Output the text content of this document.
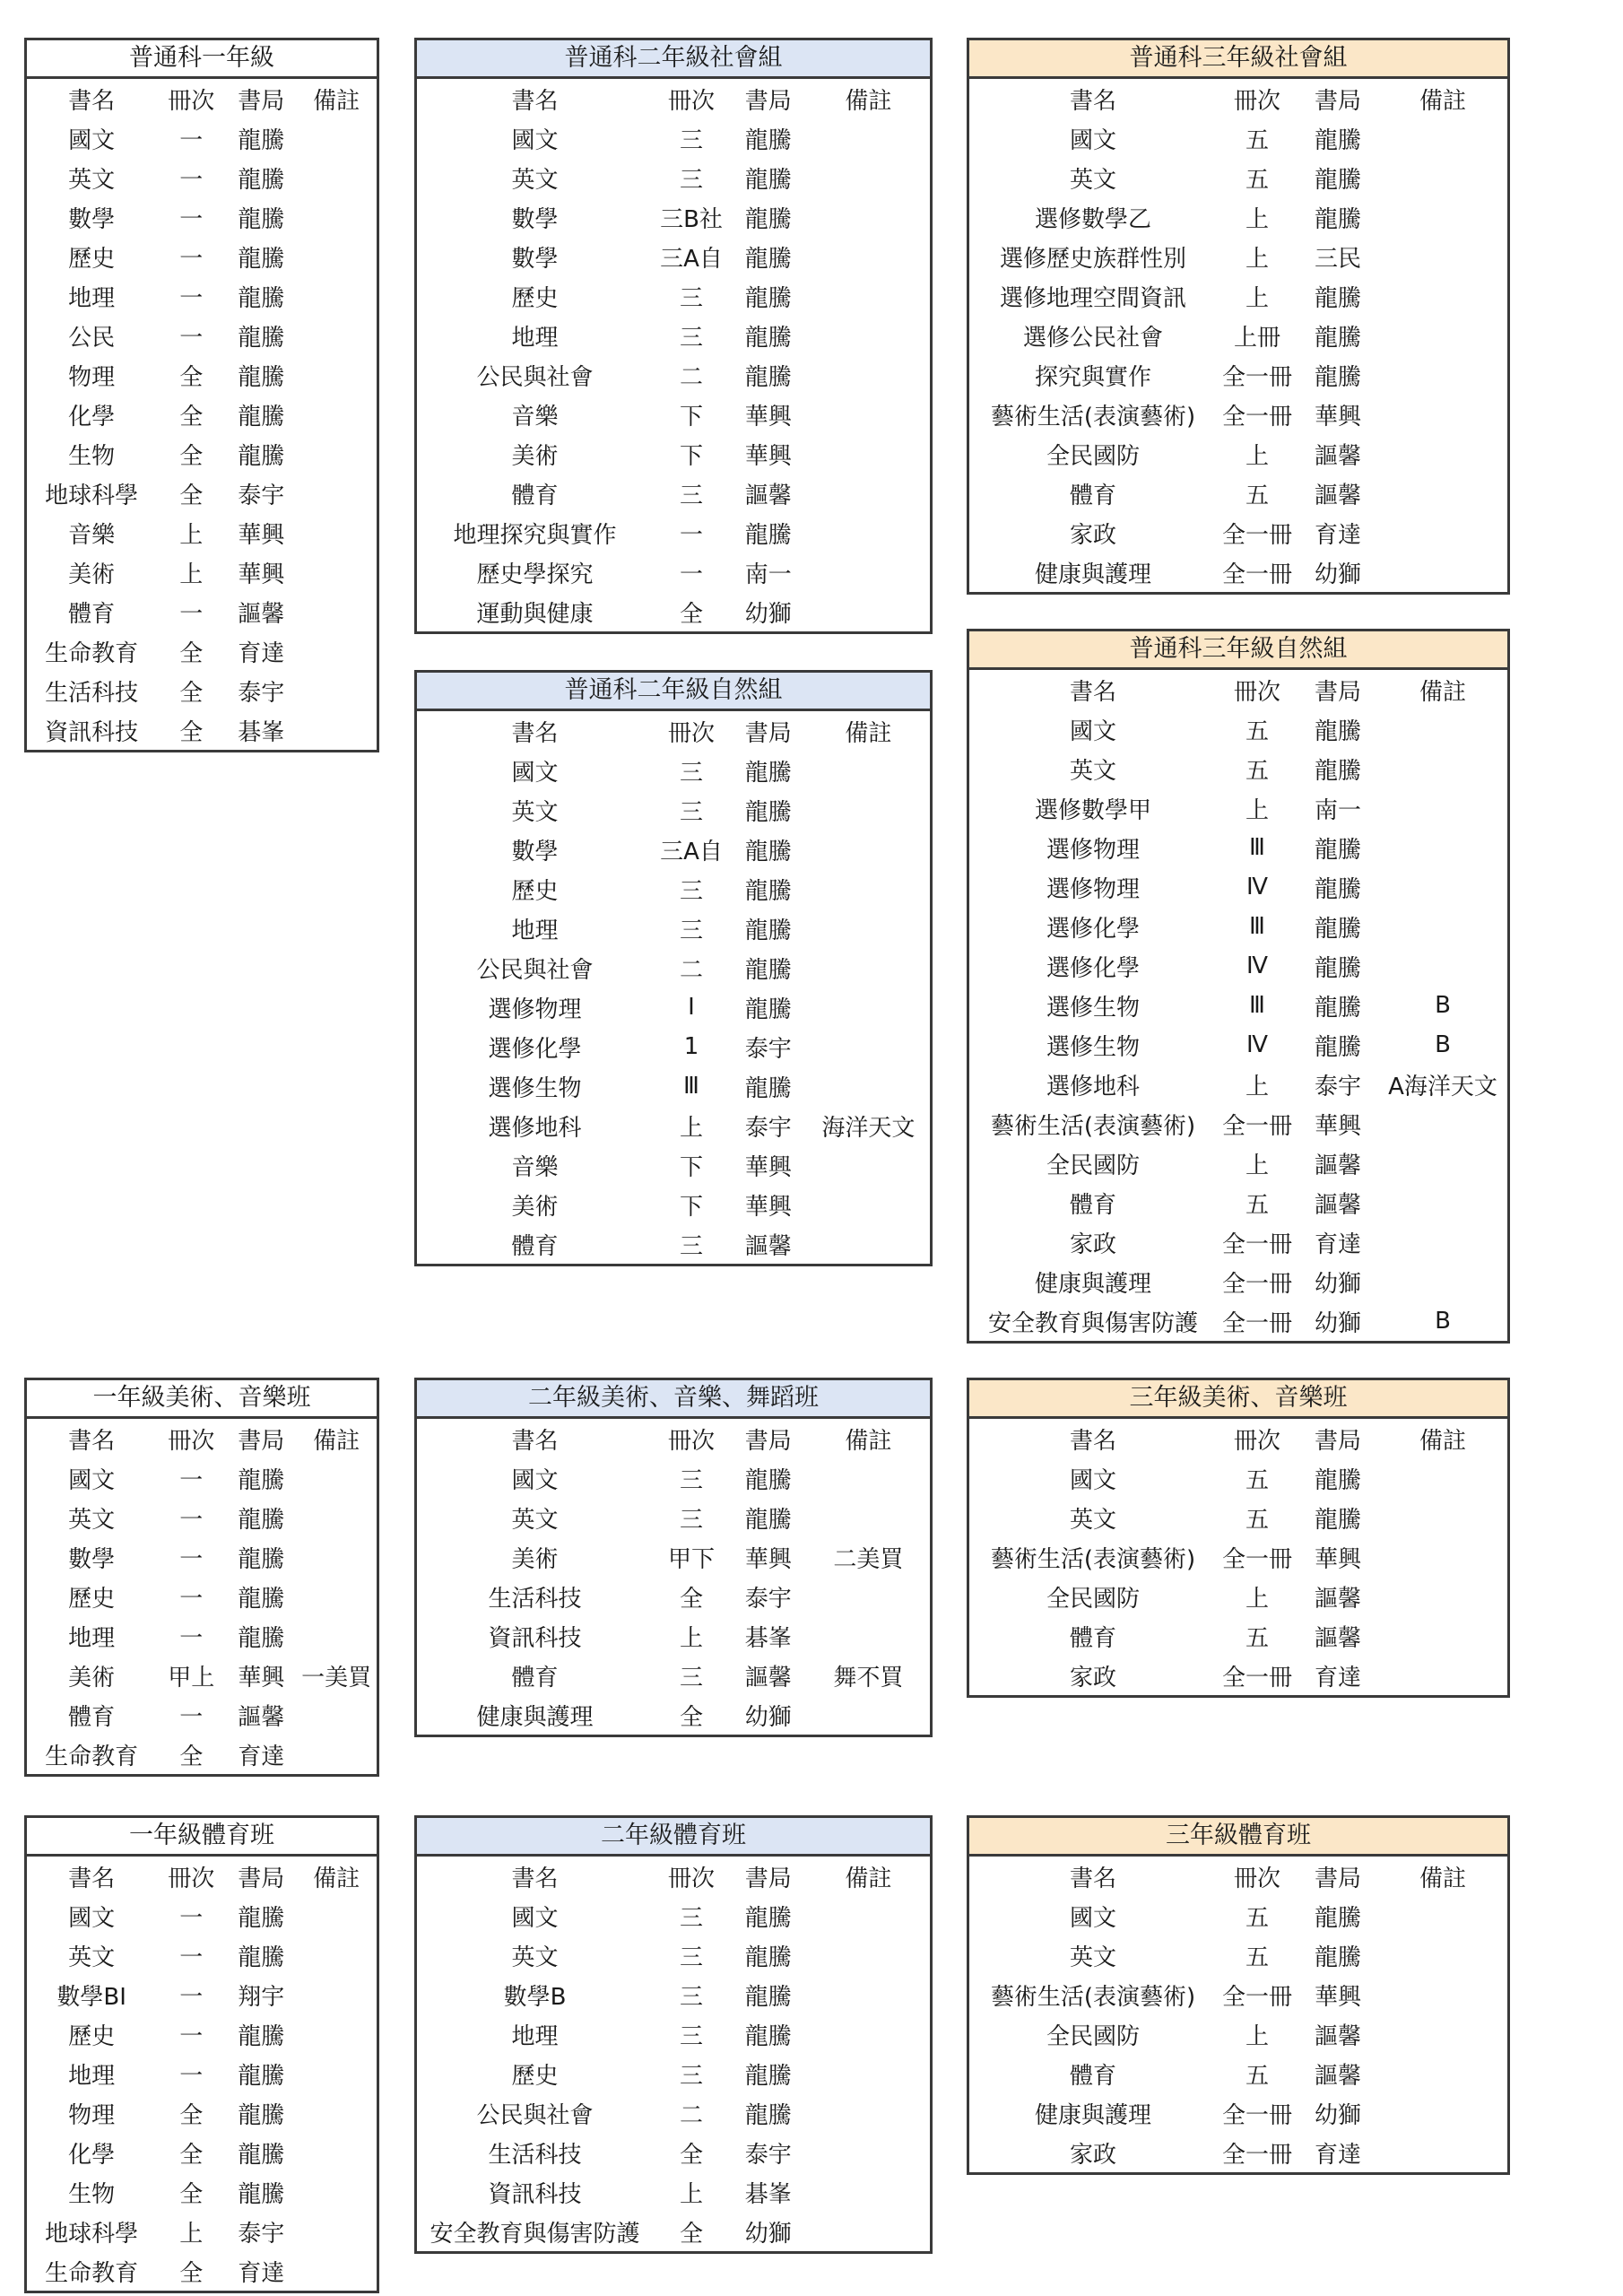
普通科一年級
書名	冊次 書局	備註
國文	一	龍騰
英文	一	龍騰
數學	一	龍騰
歷史	一	龍騰
地理	一	龍騰
公民	一	龍騰
物理	全	龍騰
化學	全	龍騰
生物	全	龍騰
地球科學	全	泰宇
音樂	上	華興
美術	上	華興
體育	一	謳馨
生命教育	全	育達
生活科技	全	泰宇
資訊科技	全	碁峯
普通科二年級社會組
書名	冊次	書局	備註
國文	三	龍騰
英文	三	龍騰
數學	三B社 龍騰
數學	三A自 龍騰
歷史	三	龍騰
地理	三	龍騰
公民與社會	二	龍騰
音樂	下	華興
美術	下	華興
體育	三	謳馨
地理探究與實作	一	龍騰
歷史學探究	一	南一
運動與健康	全	幼獅
普通科三年級社會組
書名	冊次	書局	備註
國文	五	龍騰
英文	五	龍騰
選修數學乙	上	龍騰
選修歷史族群性別	上	三民
選修地理空間資訊	上	龍騰
選修公民社會	上冊	龍騰
探究與實作	全一冊 龍騰
藝術生活(表演藝術)	全一冊 華興
全民國防	上	謳馨
體育	五	謳馨
家政	全一冊 育達
健康與護理	全一冊 幼獅
普通科二年級自然組
書名	冊次	書局	備註
國文	三	龍騰
英文	三	龍騰
數學	三A自 龍騰
歷史	三	龍騰
地理	三	龍騰
公民與社會	二	龍騰
選修物理	Ⅰ	龍騰
選修化學	1	泰宇
選修生物	Ⅲ	龍騰
選修地科	上	泰宇	海洋天文
音樂	下	華興
美術	下	華興
體育	三	謳馨
普通科三年級自然組
書名	冊次	書局	備註
國文	五	龍騰
英文	五	龍騰
選修數學甲	上	南一
選修物理	Ⅲ	龍騰
選修物理	Ⅳ	龍騰
選修化學	Ⅲ	龍騰
選修化學	Ⅳ	龍騰
選修生物	Ⅲ	龍騰	B
選修生物	Ⅳ	龍騰	B
選修地科	上	泰宇	A海洋天文
藝術生活(表演藝術)	全一冊 華興
全民國防	上	謳馨
體育	五	謳馨
家政	全一冊 育達
健康與護理	全一冊 幼獅
安全教育與傷害防護	全一冊 幼獅	B
一年級美術、音樂班
書名	冊次 書局	備註
國文	一	龍騰
英文	一	龍騰
數學	一	龍騰
歷史	一	龍騰
地理	一	龍騰
美術	甲上 華興 一美買
體育	一	謳馨
生命教育	全	育達
二年級美術、音樂、舞蹈班
書名	冊次	書局	備註
國文	三	龍騰
英文	三	龍騰
美術	甲下	華興	二美買
生活科技	全	泰宇
資訊科技	上	碁峯
體育	三	謳馨	舞不買
健康與護理	全	幼獅
三年級美術、音樂班
書名	冊次	書局	備註
國文	五	龍騰
英文	五	龍騰
藝術生活(表演藝術)	全一冊 華興
全民國防	上	謳馨
體育	五	謳馨
家政	全一冊 育達
一年級體育班
書名	冊次 書局	備註
國文	一	龍騰
英文	一	龍騰
數學BⅠ	一	翔宇
歷史	一	龍騰
地理	一	龍騰
物理	全	龍騰
化學	全	龍騰
生物	全	龍騰
地球科學	上	泰宇
生命教育	全	育達
二年級體育班
書名	冊次	書局	備註
國文	三	龍騰
英文	三	龍騰
數學B	三	龍騰
地理	三	龍騰
歷史	三	龍騰
公民與社會	二	龍騰
生活科技	全	泰宇
資訊科技	上	碁峯
安全教育與傷害防護	全	幼獅
三年級體育班
書名	冊次	書局	備註
國文	五	龍騰
英文	五	龍騰
藝術生活(表演藝術)	全一冊 華興
全民國防	上	謳馨
體育	五	謳馨
健康與護理	全一冊 幼獅
家政	全一冊 育達
